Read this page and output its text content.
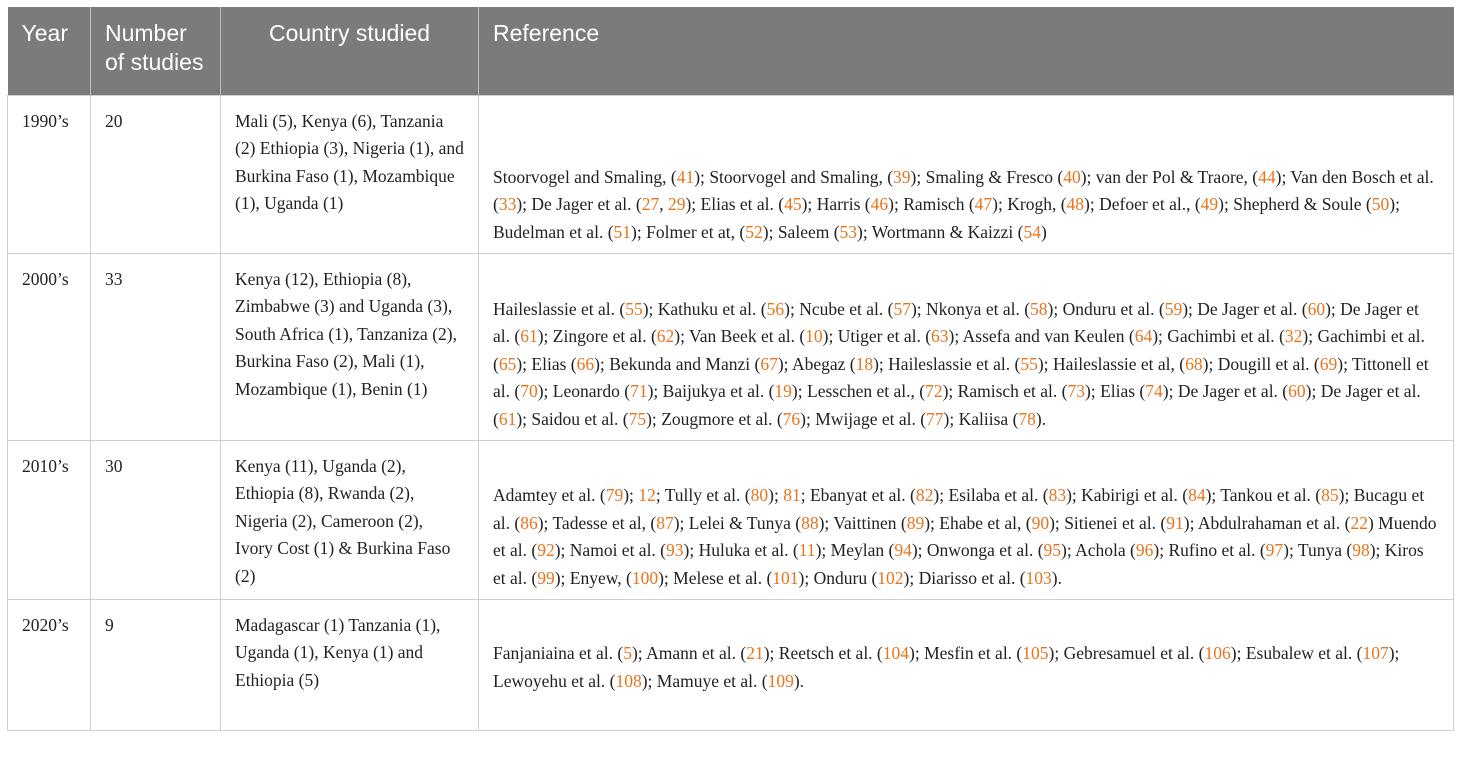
Year	Number of studies	Country studied	Reference
1990’s	20	Mali (5), Kenya (6), Tanzania (2) Ethiopia (3), Nigeria (1), and Burkina Faso (1), Mozambique (1), Uganda (1)	Stoorvogel and Smaling, (41); Stoorvogel and Smaling, (39); Smaling & Fresco (40); van der Pol & Traore, (44); Van den Bosch et al. (33); De Jager et al. (27, 29); Elias et al. (45); Harris (46); Ramisch (47); Krogh, (48); Defoer et al., (49); Shepherd & Soule (50); Budelman et al. (51); Folmer et at, (52); Saleem (53); Wortmann & Kaizzi (54)

2000’s	33	Kenya (12), Ethiopia (8), Zimbabwe (3) and Uganda (3), South Africa (1), Tanzaniza (2), Burkina Faso (2), Mali (1), Mozambique (1), Benin (1)	Haileslassie et al. (55); Kathuku et al. (56); Ncube et al. (57); Nkonya et al. (58); Onduru et al. (59); De Jager et al. (60); De Jager et al. (61); Zingore et al. (62); Van Beek et al. (10); Utiger et al. (63); Assefa and van Keulen (64); Gachimbi et al. (32); Gachimbi et al. (65); Elias (66); Bekunda and Manzi (67); Abegaz (18); Haileslassie et al. (55); Haileslassie et al, (68); Dougill et al. (69); Tittonell et al. (70); Leonardo (71); Baijukya et al. (19); Lesschen et al., (72); Ramisch et al. (73); Elias (74); De Jager et al. (60); De Jager et al. (61); Saidou et al. (75); Zougmore et al. (76); Mwijage et al. (77); Kaliisa (78).

2010’s	30	Kenya (11), Uganda (2), Ethiopia (8), Rwanda (2), Nigeria (2), Cameroon (2), Ivory Cost (1) & Burkina Faso (2)	Adamtey et al. (79); 12; Tully et al. (80); 81; Ebanyat et al. (82); Esilaba et al. (83); Kabirigi et al. (84); Tankou et al. (85); Bucagu et al. (86); Tadesse et al, (87); Lelei & Tunya (88); Vaittinen (89); Ehabe et al, (90); Sitienei et al. (91); Abdulrahaman et al. (22) Muendo et al. (92); Namoi et al. (93); Huluka et al. (11); Meylan (94); Onwonga et al. (95); Achola (96); Rufino et al. (97); Tunya (98); Kiros et al. (99); Enyew, (100); Melese et al. (101); Onduru (102); Diarisso et al. (103).

2020’s	9	Madagascar (1) Tanzania (1), Uganda (1), Kenya (1) and Ethiopia (5)	Fanjaniaina et al. (5); Amann et al. (21); Reetsch et al. (104); Mesfin et al. (105); Gebresamuel et al. (106); Esubalew et al. (107); Lewoyehu et al. (108); Mamuye et al. (109).
